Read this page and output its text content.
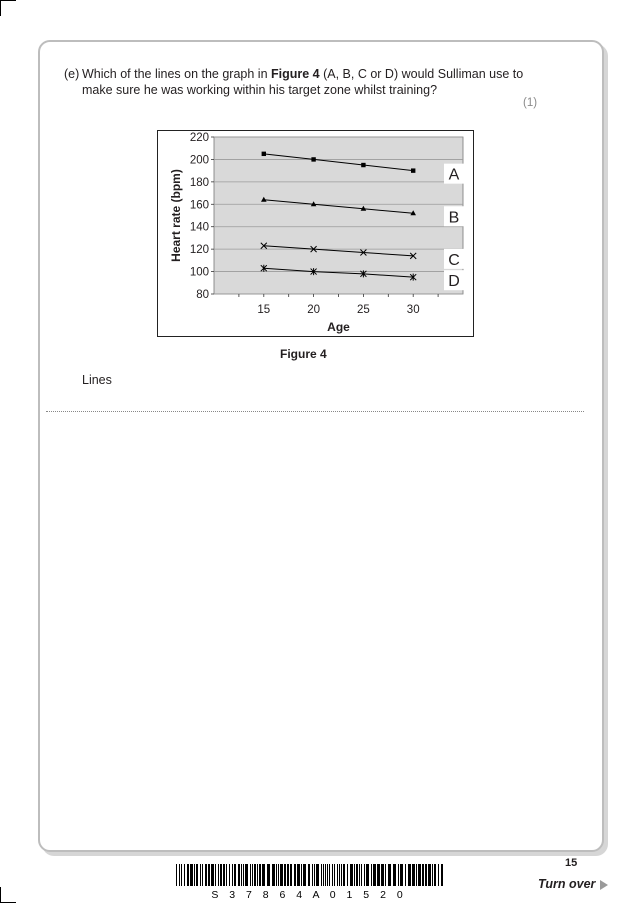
(e) Which of the lines on the graph in Figure 4 (A, B, C or D) would Sulliman use to make sure he was working within his target zone whilst training?
(1)
80
100
120
140
160
180
200
220
15	20	25	30
Age
Heart rate (bpm)	A
B
C
D
Figure 4
Lines
15
S 3 7 8 6 4 A 0 1 5 2 0
Turn over
